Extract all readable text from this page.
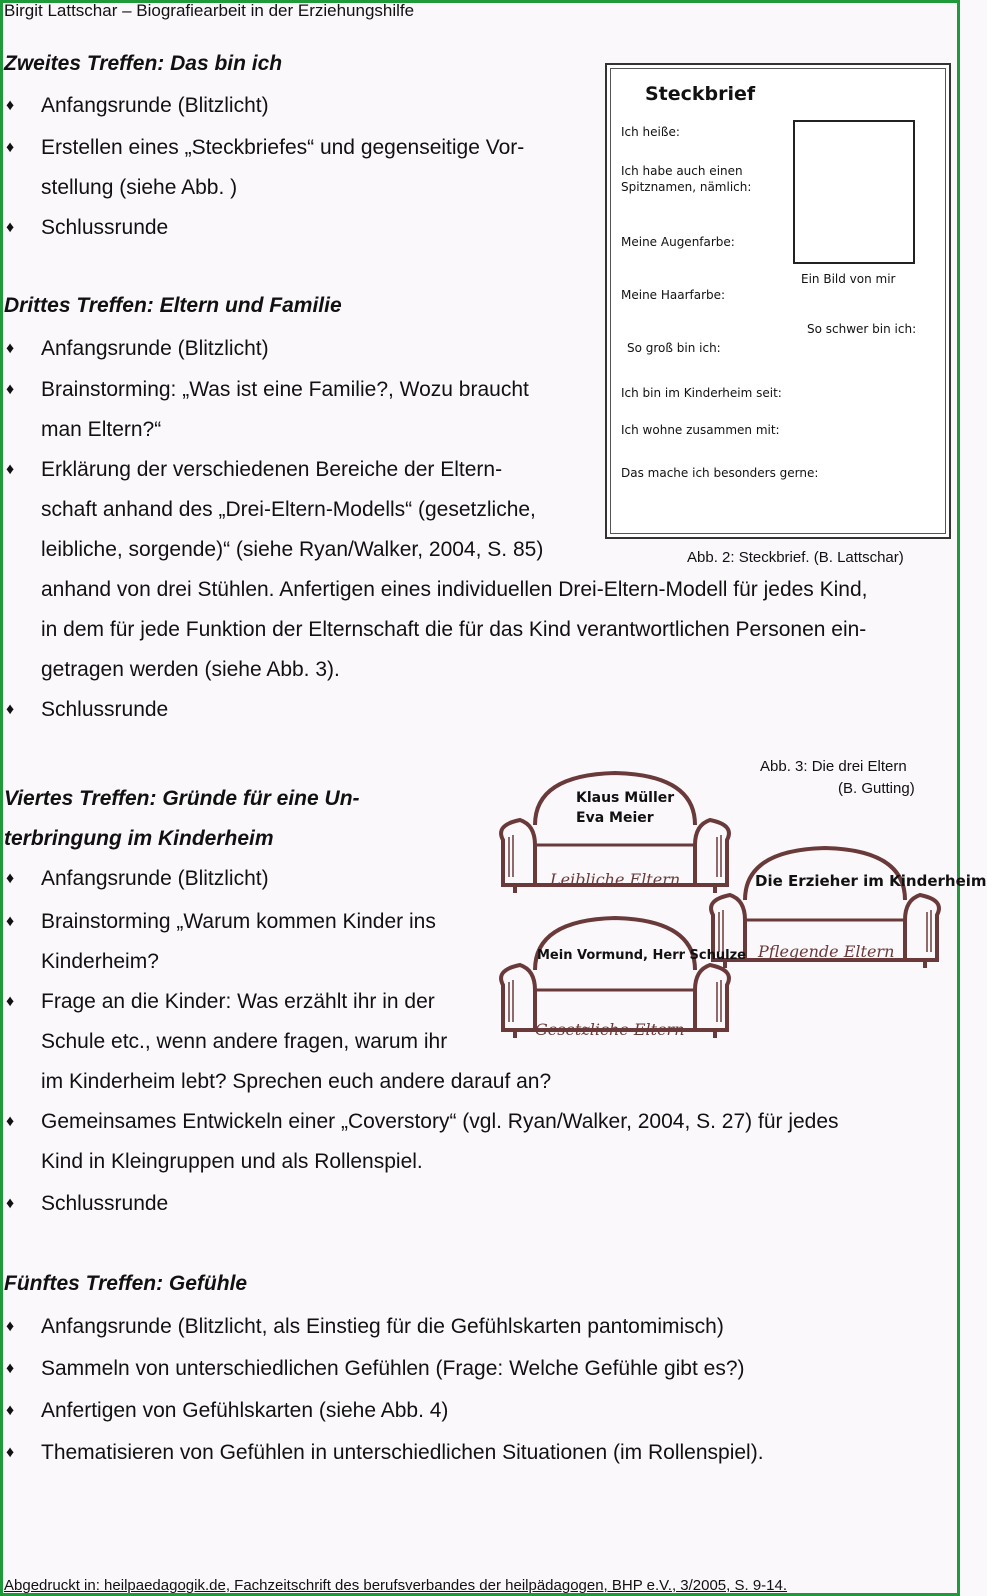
Birgit Lattschar – Biografiearbeit in der Erziehungshilfe
Zweites Treffen: Das bin ich
♦ Anfangsrunde (Blitzlicht)
♦ Erstellen eines „Steckbriefes“ und gegenseitige Vor-
stellung (siehe Abb. )
♦ Schlussrunde
Drittes Treffen: Eltern und Familie
♦ Anfangsrunde (Blitzlicht)
♦ Brainstorming: „Was ist eine Familie?, Wozu braucht
man Eltern?“
♦ Erklärung der verschiedenen Bereiche der Eltern-
schaft anhand des „Drei-Eltern-Modells“ (gesetzliche,
leibliche, sorgende)“ (siehe Ryan/Walker, 2004, S. 85)
anhand von drei Stühlen. Anfertigen eines individuellen Drei-Eltern-Modell für jedes Kind,
in dem für jede Funktion der Elternschaft die für das Kind verantwortlichen Personen ein-
getragen werden (siehe Abb. 3).
♦ Schlussrunde
Steckbrief
Ich heiße:
Ich habe auch einen
Spitznamen, nämlich:
Meine Augenfarbe:
Ein Bild von mir
Meine Haarfarbe:
So schwer bin ich:
So groß bin ich:
Ich bin im Kinderheim seit:
Ich wohne zusammen mit:
Das mache ich besonders gerne:
Abb. 2: Steckbrief. (B. Lattschar)
Viertes Treffen: Gründe für eine Un-
terbringung im Kinderheim
♦ Anfangsrunde (Blitzlicht)
♦ Brainstorming „Warum kommen Kinder ins
Kinderheim?
♦ Frage an die Kinder: Was erzählt ihr in der
Schule etc., wenn andere fragen, warum ihr
im Kinderheim lebt? Sprechen euch andere darauf an?
♦ Gemeinsames Entwickeln einer „Coverstory“ (vgl. Ryan/Walker, 2004, S. 27) für jedes
Kind in Kleingruppen und als Rollenspiel.
♦ Schlussrunde
Abb. 3: Die drei Eltern
(B. Gutting)
Klaus Müller
Eva Meier
Leibliche Eltern	Die Erzieher im Kinderheim
Pflegende Eltern
Mein Vormund, Herr Schulze
Gesetzliche Eltern
Fünftes Treffen: Gefühle
♦ Anfangsrunde (Blitzlicht, als Einstieg für die Gefühlskarten pantomimisch)
♦ Sammeln von unterschiedlichen Gefühlen (Frage: Welche Gefühle gibt es?)
♦ Anfertigen von Gefühlskarten (siehe Abb. 4)
♦ Thematisieren von Gefühlen in unterschiedlichen Situationen (im Rollenspiel).
Abgedruckt in: heilpaedagogik.de, Fachzeitschrift des berufsverbandes der heilpädagogen, BHP e.V., 3/2005, S. 9-14.
